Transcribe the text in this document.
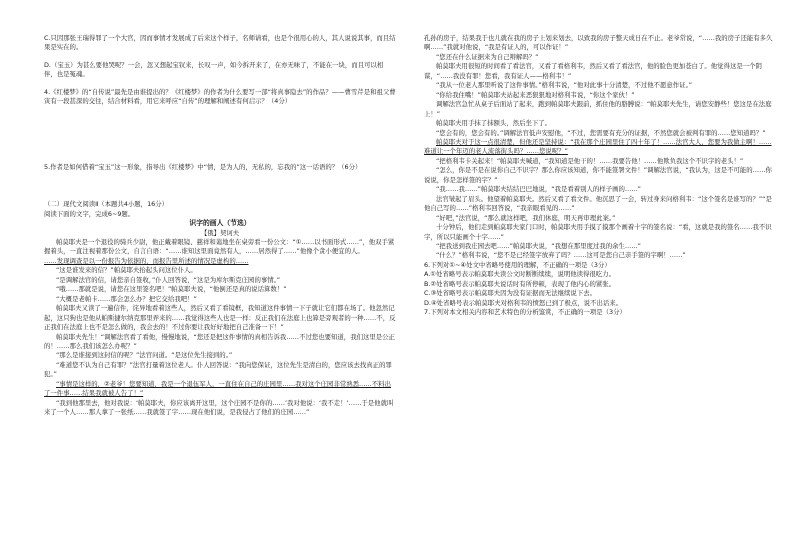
C.只因那张王瑞得罪了一个大官，因而事情才发展成了后来这个样子，名师请看，也是个很用心的人，其人说说其事，而且结果是实在的。

D.（宝玉）为甚么要他哭呢？一会，忽又想起宝钗来，长叹一声，如今拆开来了，在亦无味了，不能在一块，而且可以相伴，也是冤魂。

4.《红楼梦》的“自传说”最先是由谁提出的？《红楼梦》的作者为什么要写一部“将真事隐去”的作品？——曹雪芹是和祖父曹寅有一段甚深的交往，结合材料看，用它来呼应“自传”的理解和阐述有何启示？（4分）

5.作者是如何借着“宝玉”这一形象，指导出《红楼梦》中“情，是为人的，无私的，忘我的”这一话语的？（6分）

（二）现代文阅读Ⅱ（本题共4小题，16分）

阅读下面的文字，完成6~9题。

识字的画人（节选）

【俄】契诃夫

帕莫耶夫是一个退役的骑兵少尉，他正戴着眼镜、慈祥和蔼地坐在桌旁看一份公文：“①……以书面形式……”，他双手紧握着头，一直注视着那份公文，自言自语：“……谁知这里面竟然有人，……居然得了……”他像个贪小便宜的人。

……发现调查是以一份报告为依据的，而报告里所述的情况是虚构的……

“这是谁发来的信？”帕莫耶夫抬起头问这位仆人。

“是调解法官的信，请您亲自签收，”仆人回答说，“这是为库尔斯克庄园的事情。”

“哦……那就是说，请您在这里签名吧！”帕莫耶夫说，“他倒还是真的说话算数！”

“大概是老帕卡……那会怎么办？把它交给我吧！”

帕莫耶夫又读了一遍信件，诧异地看着这些人，然后又看了看镜框，我知道这件事情一下子就让它们都在场了。他忽然记起，这只狗也是他从帕斯捷尔纳克那里弄来的……我觉得这些人也是一样：反正我们在法庭上也算是旁观者的一种……不，反正我们在法庭上也不是怎么做的，我会去的！不过你要让我好好地把自己准备一下！”

帕莫耶夫先生！“调解法官看了看他，慢慢地说，“您还是把这件事情的真相告诉我……不过您也要知道，我们这里是公正的！……那么我们该怎么办呢？”

“那么是谁接到这封信的呢？”法官问道。“是这位先生接到的。”

“难道您不认为自己有罪？”法官打量着这位老人。仆人回答说：“我向您保证，这位先生是清白的，您应该去找真正的罪犯。”

“事情是这样的，②老爷！您要知道，我是一个退伍军人，一直住在自己的庄园里……我对这个庄园非常熟悉……不料出了一件事……结果我就被人告了！”

“我到他那里去，他对我说：‘帕莫耶夫，你应该离开这里，这个庄园不是你的……’我对他说：‘我不走！’……于是他就叫来了一个人……那人拿了一张纸……我就签了字……现在他们说，是我侵占了他们的庄园……”

孔孙的房子，结果我于也儿就在我的房子上划来划去，以致我的房子整天成日在不止。老爷常说，“……我的房子还能有多久啊……”我就对他说，“我是有证人的，可以作证！”

“您还在什么证据来为自己辩解吗？”

帕莫耶夫用很短的时间看了看法官，又看了看格利韦，然后又看了看法官，他的脸色更加苍白了。他觉得这是一个阴谋，“……我没有罪！您看，我有证人——格利韦！”

“我从一位老人那里听说了这件事情。”格利韦说，“他对此事十分清楚，不过他不愿意作证。”

“你给我住嘴！”帕莫耶夫站起来恶狠狠地对格利韦说，“你这个家伙！”

调解法官急忙从桌子后面站了起来，跑到帕莫耶夫跟前，抓住他的胳膊说：“帕莫耶夫先生，请您安静些！您这是在法庭上！”

帕莫耶夫用手抹了抹额头，然后坐下了。

“您会有的，您会有的。”调解法官低声安慰他，“不过，您需要有充分的证据，不然您就会被判有罪的……您知道吗？”

帕莫耶夫对于这一点很清楚，但他还是坚持说：“我在那个庄园里住了四十年了！……法官大人，您要为我做主啊！……难道让一个年迈的老人流落街头吗？……您说呢？”

“把格利韦卡关起来！”帕莫耶夫喊道，“我知道是他干的！……我要告他！……他欺负我这个不识字的老头！”

“怎么，你是不是在说你自己不识字？那么你应该知道，你不能签署文件！”调解法官说，“我认为，这是不可能的……你说说，你是怎样签的字？”

“我……我……”帕莫耶夫结结巴巴地说，“我是看着别人的样子画的……”

法官皱起了眉头。他望着帕莫耶夫。然后又看了看文件。他沉思了一会，转过身来问格利韦：“这个签名是谁写的？”“是他自己写的……”格利韦回答说，“我亲眼看见的……”

“好吧，”法官说，“那么就这样吧，我们休庭，明天再审理此案。”

十分钟后，他们走到帕莫耶夫家门口时，帕莫耶夫用手摸了摸那个画着十字的签名说：“看，这就是我的签名……我不识字，所以只能画个十字……”

“把我送到我庄园去吧……”帕莫耶夫说，“我想在那里度过我的余生……”

“什么？”格利韦说，“您不是已经签字放弃了吗？……这可是您自己亲手签的字啊！……”

6.下列对①~④处文中省略号使用的理解，不正确的一项是（3分）

A.①处省略号表示帕莫耶夫读公文时断断续续，说明他读得很吃力。

B.②处省略号表示帕莫耶夫说话时有所停顿，表现了他内心的紧张。

C.③处省略号表示帕莫耶夫因为没有证据而无法继续说下去。

D.④处省略号表示帕莫耶夫对格利韦的愤怒已到了极点，说不出话来。

7.下列对本文相关内容和艺术特色的分析鉴赏，不正确的一项是（3分）
